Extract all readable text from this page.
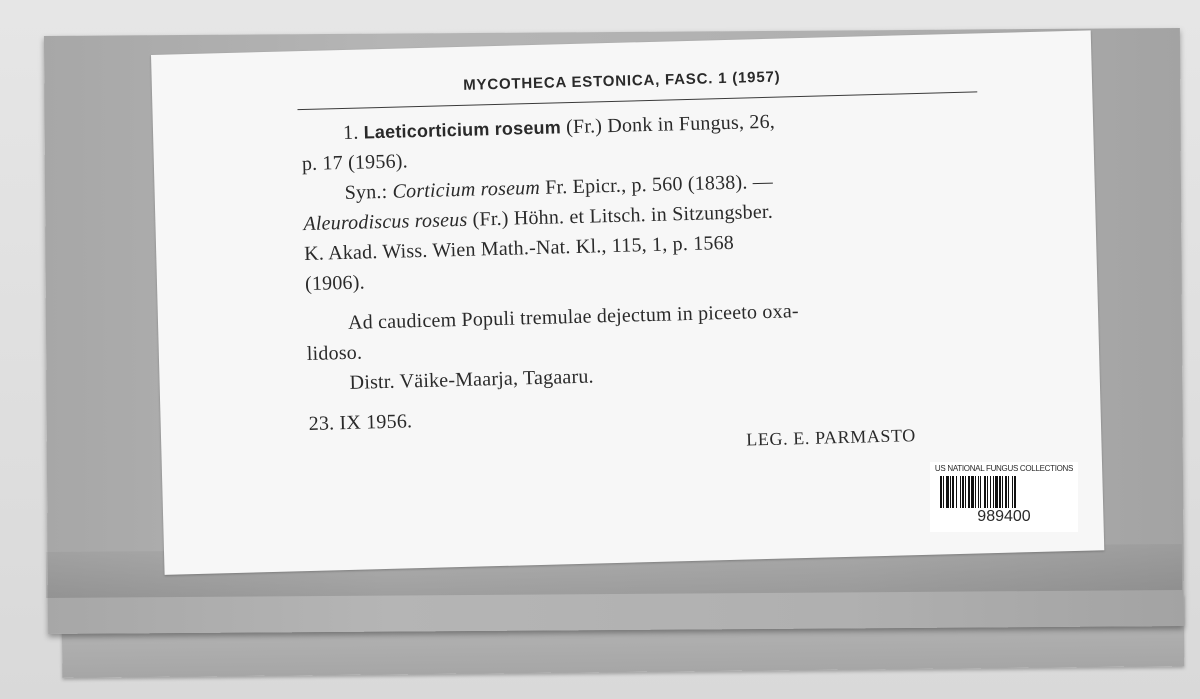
MYCOTHECA ESTONICA, FASC. 1 (1957)
1. Laeticorticium roseum (Fr.) Donk in Fungus, 26,
p. 17 (1956).
Syn.: Corticium roseum Fr. Epicr., p. 560 (1838). —
Aleurodiscus roseus (Fr.) Höhn. et Litsch. in Sitzungsber.
K. Akad. Wiss. Wien Math.-Nat. Kl., 115, 1, p. 1568
(1906).
Ad caudicem Populi tremulae dejectum in piceeto oxa-
lidoso.
Distr. Väike-Maarja, Tagaaru.
23. IX 1956.
LEG. E. PARMASTO
US NATIONAL FUNGUS COLLECTIONS
989400
